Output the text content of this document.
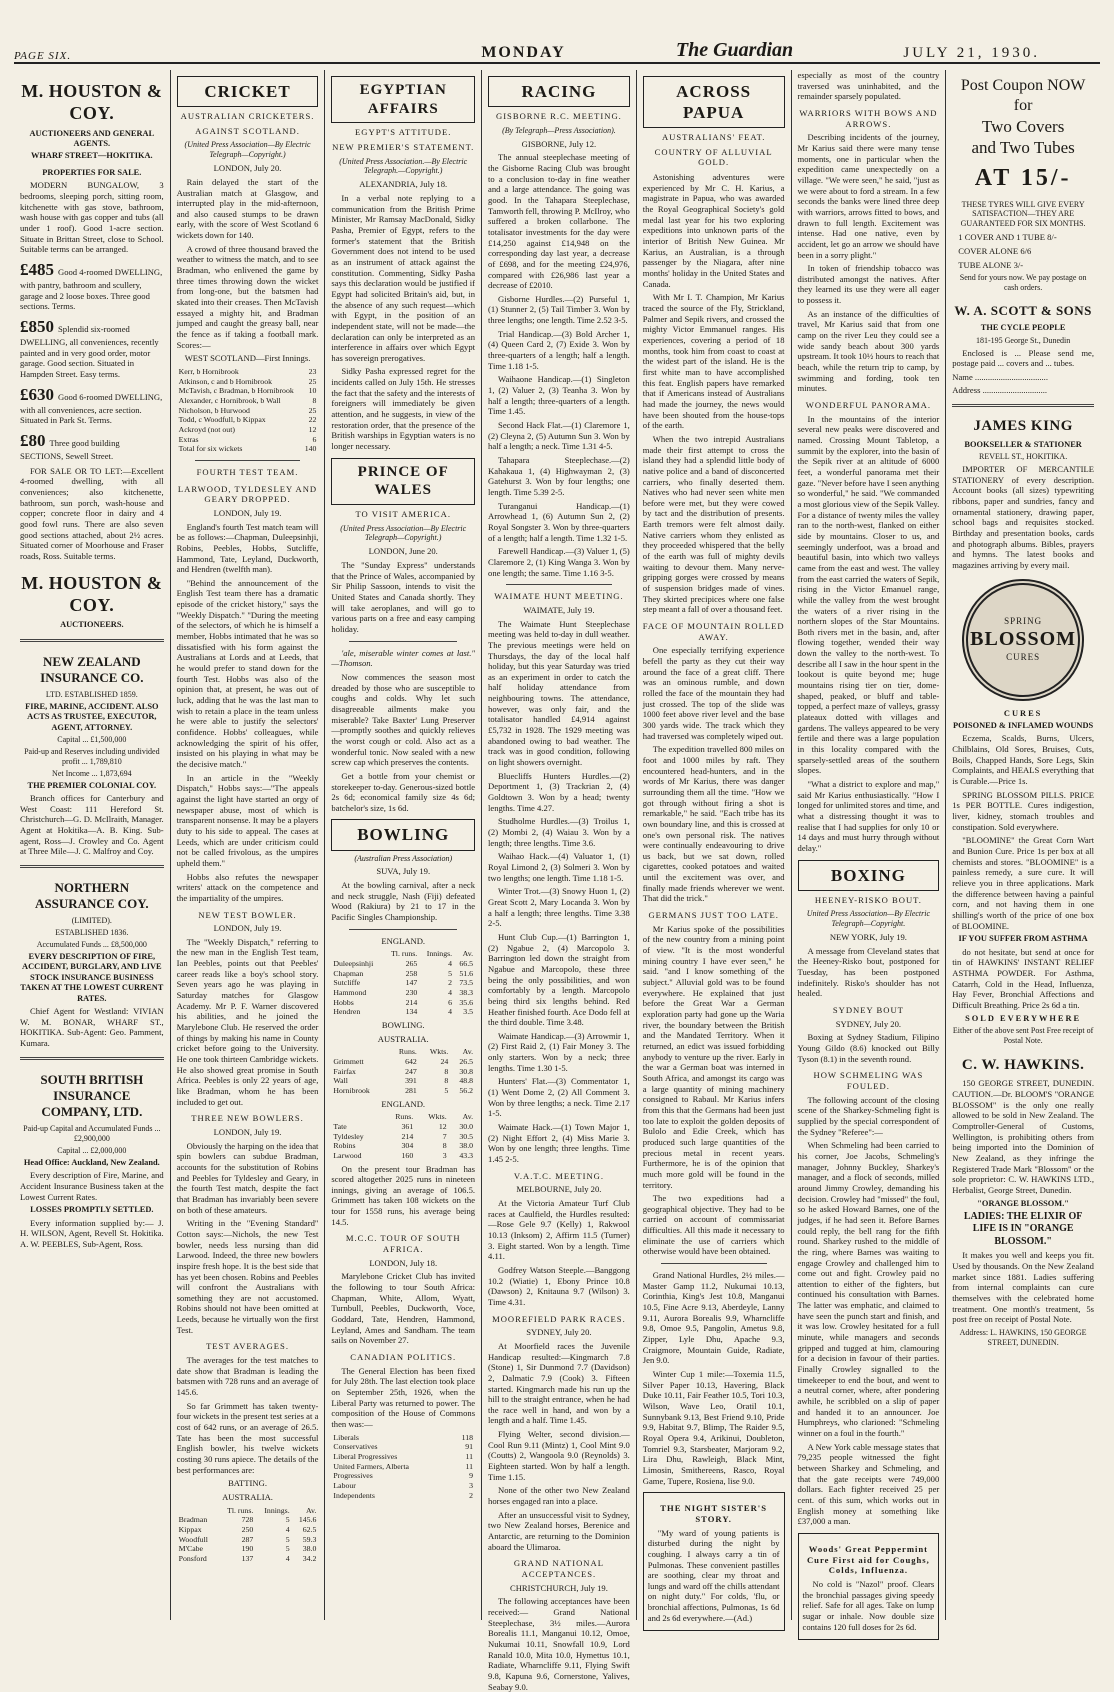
PAGE SIX.	MONDAY	The Guardian	JULY 21, 1930.
M. HOUSTON & COY.
AUCTIONEERS AND GENERAL AGENTS.
WHARF STREET—HOKITIKA.
PROPERTIES FOR SALE.

MODERN BUNGALOW, 3 bedrooms, sleeping porch, sitting room, kitchenette with gas stove, bathroom, wash house with gas copper and tubs (all under 1 roof). Good 1-acre section. Situate in Brittan Street, close to School. Suitable terms can be arranged.

£485 Good 4-roomed DWELLING, with pantry, bathroom and scullery, garage and 2 loose boxes. Three good sections. Terms.
£850 Splendid six-roomed DWELLING, all conveniences, recently painted and in very good order, motor garage. Good section. Situated in Hampden Street. Easy terms.
£630 Good 6-roomed DWELLING, with all conveniences, acre section. Situated in Park St. Terms.
£80 Three good building SECTIONS, Sewell Street.

FOR SALE OR TO LET:—Excellent 4-roomed dwelling, with all conveniences; also kitchenette, bathroom, sun porch, wash-house and copper; concrete floor in dairy and 4 good fowl runs. There are also seven good sections attached, about 2½ acres. Situated corner of Moorhouse and Fraser roads, Ross. Suitable terms.

M. HOUSTON & COY.
AUCTIONEERS.
NEW ZEALAND INSURANCE CO.
LTD. ESTABLISHED 1859.
FIRE, MARINE, ACCIDENT. ALSO ACTS AS TRUSTEE, EXECUTOR, AGENT, ATTORNEY.
Capital ... £1,500,000
Paid-up and Reserves including undivided profit ... 1,789,810
Net Income ... 1,873,694
THE PREMIER COLONIAL COY.

Branch offices for Canterbury and West Coast: 111 Hereford St. Christchurch—G. D. McIlraith, Manager. Agent at Hokitika—A. B. King. Sub-agent, Ross—J. Crowley and Co. Agent at Three Mile—J. C. Malfroy and Coy.

NORTHERN ASSURANCE COY.
(LIMITED).
ESTABLISHED 1836.
Accumulated Funds ... £8,500,000
EVERY DESCRIPTION OF FIRE, ACCIDENT, BURGLARY, AND LIVE STOCK INSURANCE BUSINESS TAKEN AT THE LOWEST CURRENT RATES.

Chief Agent for Westland: VIVIAN W. M. BONAR, WHARF ST., HOKITIKA. Sub-Agent: Geo. Pamment, Kumara.

SOUTH BRITISH INSURANCE COMPANY, LTD.
Paid-up Capital and Accumulated Funds ... £2,900,000
Capital ... £2,000,000
Head Office: Auckland, New Zealand.

Every description of Fire, Marine, and Accident Insurance Business taken at the Lowest Current Rates.

LOSSES PROMPTLY SETTLED.

Every information supplied by:— J. H. WILSON, Agent, Revell St. Hokitika. A. W. PEEBLES, Sub-Agent, Ross.

CRICKET
AUSTRALIAN CRICKETERS.
AGAINST SCOTLAND.
(United Press Association—By Electric Telegraph—Copyright.)
LONDON, July 20.

Rain delayed the start of the Australian match at Glasgow, and interrupted play in the mid-afternoon, and also caused stumps to be drawn early, with the score of West Scotland 6 wickets down for 140.

A crowd of three thousand braved the weather to witness the match, and to see Bradman, who enlivened the game by three times throwing down the wicket from long-one, but the batsmen had skated into their creases. Then McTavish essayed a mighty hit, and Bradman jumped and caught the greasy ball, near the fence as if taking a football mark. Scores:—

WEST SCOTLAND—First Innings.
Kerr, b Hornibrook	23
Atkinson, c and b Hornibrook	25
McTavish, c Bradman, b Hornibrook	10
Alexander, c Hornibrook, b Wall	8
Nicholson, b Hurwood	25
Todd, c Woodfull, b Kippax	22
Ackroyd (not out)	12
Extras	6
Total for six wickets	140
FOURTH TEST TEAM.
LARWOOD, TYLDESLEY AND GEARY DROPPED.
LONDON, July 19.

England's fourth Test match team will be as follows:—Chapman, Duleepsinhji, Robins, Peebles, Hobbs, Sutcliffe, Hammond, Tate, Leyland, Duckworth, and Hendren (twelfth man).

"Behind the announcement of the English Test team there has a dramatic episode of the cricket history," says the "Weekly Dispatch." "During the meeting of the selectors, of which he is himself a member, Hobbs intimated that he was so dissatisfied with his form against the Australians at Lords and at Leeds, that he would prefer to stand down for the fourth Test. Hobbs was also of the opinion that, at present, he was out of luck, adding that he was the last man to wish to retain a place in the team unless he were able to justify the selectors' confidence. Hobbs' colleagues, while acknowledging the spirit of his offer, insisted on his playing in what may be the decisive match."

In an article in the "Weekly Dispatch," Hobbs says:—"The appeals against the light have started an orgy of newspaper abuse, most of which is transparent nonsense. It may be a players duty to his side to appeal. The cases at Leeds, which are under criticism could not be called frivolous, as the umpires upheld them."

Hobbs also refutes the newspaper writers' attack on the competence and the impartiality of the umpires.

NEW TEST BOWLER.
LONDON, July 19.

The "Weekly Dispatch," referring to the new man in the English Test team, Ian Peebles, points out that Peebles' career reads like a boy's school story. Seven years ago he was playing in Saturday matches for Glasgow Academy. Mr P. F. Warner discovered his abilities, and he joined the Marylebone Club. He reserved the order of things by making his name in County cricket before going to the University. He one took thirteen Cambridge wickets. He also showed great promise in South Africa. Peebles is only 22 years of age, like Bradman, whom he has been included to get out.

THREE NEW BOWLERS.
LONDON, July 19.

Obviously the harping on the idea that spin bowlers can subdue Bradman, accounts for the substitution of Robins and Peebles for Tyldesley and Geary, in the fourth Test match, despite the fact that Bradman has invariably been severe on both of these amateurs.

Writing in the "Evening Standard" Cotton says:—Nichols, the new Test bowler, needs less nursing than did Larwood. Indeed, the three new bowlers inspire fresh hope. It is the best side that has yet been chosen. Robins and Peebles will confront the Australians with something they are not accustomed. Robins should not have been omitted at Leeds, because he virtually won the first Test.

TEST AVERAGES.

The averages for the test matches to date show that Bradman is leading the batsmen with 728 runs and an average of 145.6.

So far Grimmett has taken twenty-four wickets in the present test series at a cost of 642 runs, or an average of 26.5. Tate has been the most successful English bowler, his twelve wickets costing 30 runs apiece. The details of the best performances are:

BATTING.
AUSTRALIA.
	Tl. runs.	Innings.	Av.
Bradman	728	5	145.6
Kippax	250	4	62.5
Woodfull	287	5	59.3
M'Cabe	190	5	38.0
Ponsford	137	4	34.2
EGYPTIAN AFFAIRS
EGYPT'S ATTITUDE.
NEW PREMIER'S STATEMENT.
(United Press Association.—By Electric Telegraph.—Copyright.)
ALEXANDRIA, July 18.

In a verbal note replying to a communication from the British Prime Minister, Mr Ramsay MacDonald, Sidky Pasha, Premier of Egypt, refers to the former's statement that the British Government does not intend to be used as an instrument of attack against the constitution. Commenting, Sidky Pasha says this declaration would be justified if Egypt had solicited Britain's aid, but, in the absence of any such request—which with Egypt, in the position of an independent state, will not be made—the declaration can only be interpreted as an interference in affairs over which Egypt has sovereign prerogatives.

Sidky Pasha expressed regret for the incidents called on July 15th. He stresses the fact that the safety and the interests of foreigners will immediately be given attention, and he suggests, in view of the restoration order, that the presence of the British warships in Egyptian waters is no longer necessary.

PRINCE OF WALES
TO VISIT AMERICA.
(United Press Association—By Electric Telegraph—Copyright.)
LONDON, June 20.

The "Sunday Express" understands that the Prince of Wales, accompanied by Sir Philip Sassoon, intends to visit the United States and Canada shortly. They will take aeroplanes, and will go to various parts on a free and easy camping holiday.

'ale, miserable winter comes at last." —Thomson.

Now commences the season most dreaded by those who are susceptible to coughs and colds. Why let such disagreeable ailments make you miserable? Take Baxter' Lung Preserver—promptly soothes and quickly relieves the worst cough or cold. Also act as a wonderful tonic. Now sealed with a new screw cap which preserves the contents.

Get a bottle from your chemist or storekeeper to-day. Generous-sized bottle 2s 6d; economical family size 4s 6d; batchelor's size, 1s 6d.

BOWLING
(Australian Press Association)
SUVA, July 19.

At the bowling carnival, after a neck and neck struggle, Nash (Fiji) defeated Wood (Rakiura) by 21 to 17 in the Pacific Singles Championship.

ENGLAND.
	Tl. runs.	Innings.	Av.
Duleepsinhji	265	4	66.5
Chapman	258	5	51.6
Sutcliffe	147	2	73.5
Hammond	230	4	38.3
Hobbs	214	6	35.6
Hendren	134	4	3.5
BOWLING.
AUSTRALIA.
	Runs.	Wkts.	Av.
Grimmett	642	24	26.5
Fairfax	247	8	30.8
Wall	391	8	48.8
Hornibrook	281	5	56.2
ENGLAND.
	Runs.	Wkts.	Av.
Tate	361	12	30.0
Tyldesley	214	7	30.5
Robins	304	8	38.0
Larwood	160	3	43.3

On the present tour Bradman has scored altogether 2025 runs in nineteen innings, giving an average of 106.5. Grimmett has taken 108 wickets on the tour for 1558 runs, his average being 14.5.

M.C.C. TOUR OF SOUTH AFRICA.
LONDON, July 18.

Marylebone Cricket Club has invited the following to tour South Africa: Chapman, White, Allom, Wyatt, Turnbull, Peebles, Duckworth, Voce, Goddard, Tate, Hendren, Hammond, Leyland, Ames and Sandham. The team sails on November 27.

CANADIAN POLITICS.

The General Election has been fixed for July 28th. The last election took place on September 25th, 1926, when the Liberal Party was returned to power. The composition of the House of Commons then was:—

Liberals	118
Conservatives	91
Liberal Progressives	11
United Farmers, Alberta	11
Progressives	9
Labour	3
Independents	2
RACING
GISBORNE R.C. MEETING.
(By Telegraph—Press Association).
GISBORNE, July 12.

The annual steeplechase meeting of the Gisborne Racing Club was brought to a conclusion to-day in fine weather and a large attendance. The going was good. In the Tahapara Steeplechase, Tamworth fell, throwing P. McIlroy, who suffered a broken collarbone. The totalisator investments for the day were £14,250 against £14,948 on the corresponding day last year, a decrease of £698, and for the meeting £24,976, compared with £26,986 last year a decrease of £2010.

Gisborne Hurdles.—(2) Purseful 1, (1) Stunner 2, (5) Tail Timber 3. Won by three lengths; one length. Time 2.52 3-5.

Trial Handicap.—(3) Bold Archer 1, (4) Queen Card 2, (7) Exide 3. Won by three-quarters of a length; half a length. Time 1.18 1-5.

Waihaone Handicap.—(1) Singleton 1, (2) Valuer 2, (3) Teanha 3. Won by half a length; three-quarters of a length. Time 1.45.

Second Hack Flat.—(1) Claremore 1, (2) Cleyna 2, (5) Autumn Sun 3. Won by half a length; a neck. Time 1.31 4-5.

Tahapara Steeplechase.—(2) Kahakaua 1, (4) Highwayman 2, (3) Gatehurst 3. Won by four lengths; one length. Time 5.39 2-5.

Turanganui Handicap.—(1) Arrowhead 1, (6) Autumn Sun 2, (2) Royal Songster 3. Won by three-quarters of a length; half a length. Time 1.32 1-5.

Farewell Handicap.—(3) Valuer 1, (5) Claremore 2, (1) King Wanga 3. Won by one length; the same. Time 1.16 3-5.

WAIMATE HUNT MEETING.
WAIMATE, July 19.

The Waimate Hunt Steeplechase meeting was held to-day in dull weather. The previous meetings were held on Thursdays, the day of the local half holiday, but this year Saturday was tried as an experiment in order to catch the half holiday attendance from neighbouring towns. The attendance, however, was only fair, and the totalisator handled £4,914 against £5,732 in 1928. The 1929 meeting was abandoned owing to bad weather. The track was in good condition, following on light showers overnight.

Bluecliffs Hunters Hurdles.—(2) Deportment 1, (3) Trackrian 2, (4) Goldtown 3. Won by a head; twenty lengths. Time 4.27.

Studholme Hurdles.—(3) Troilus 1, (2) Mombi 2, (4) Waiau 3. Won by a length; three lengths. Time 3.6.

Waihao Hack.—(4) Valuator 1, (1) Royal Limond 2, (3) Solmeri 3. Won by two lengths; one length. Time 1.18 1-5.

Winter Trot.—(3) Snowy Huon 1, (2) Great Scott 2, Mary Locanda 3. Won by a half a length; three lengths. Time 3.38 2-5.

Hunt Club Cup.—(1) Barrington 1, (2) Ngabue 2, (4) Marcopolo 3. Barrington led down the straight from Ngabue and Marcopolo, these three being the only possibilities, and won comfortably by a length. Marcopolo being third six lengths behind. Red Heather finished fourth. Ace Dodo fell at the third double. Time 3.48.

Waimate Handicap.—(3) Arrowmir 1, (2) First Raid 2, (1) Fair Money 3. The only starters. Won by a neck; three lengths. Time 1.30 1-5.

Hunters' Flat.—(3) Commentator 1, (1) Went Dome 2, (2) All Comment 3. Won by three lengths; a neck. Time 2.17 1-5.

Waimate Hack.—(1) Town Major 1, (2) Night Effort 2, (4) Miss Marie 3. Won by one length; three lengths. Time 1.45 2-5.

V.A.T.C. MEETING.
MELBOURNE, July 20.

At the Victoria Amateur Turf Club races at Caulfield, the Hurdles resulted:—Rose Gele 9.7 (Kelly) 1, Rakwool 10.13 (Inksom) 2, Affirm 11.5 (Turner) 3. Eight started. Won by a length. Time 4.11.

Godfrey Watson Steeple.—Banggong 10.2 (Wiatie) 1, Ebony Prince 10.8 (Dawson) 2, Knitauna 9.7 (Wilson) 3. Time 4.31.

MOOREFIELD PARK RACES.
SYDNEY, July 20.

At Moorfield races the Juvenile Handicap resulted:—Kingmarch 7.8 (Stone) 1, Sir Dunmond 7.7 (Davidson) 2, Dalmatic 7.9 (Cook) 3. Fifteen started. Kingmarch made his run up the hill to the straight entrance, when he had the race well in hand, and won by a length and a half. Time 1.45.

Flying Welter, second division.—Cool Run 9.11 (Mintz) 1, Cool Mint 9.0 (Coutts) 2, Wangoola 9.0 (Reynolds) 3. Eighteen started. Won by half a length. Time 1.15.

None of the other two New Zealand horses engaged ran into a place.

After an unsuccessful visit to Sydney, two New Zealand horses, Berenice and Antarctic, are returning to the Dominion aboard the Ulimaroa.

GRAND NATIONAL ACCEPTANCES.
CHRISTCHURCH, July 19.

The following acceptances have been received:— Grand National Steeplechase, 3½ miles.—Aurora Borealis 11.1, Manganui 10.12, Omoe, Nukumai 10.11, Snowfall 10.9, Lord Ranald 10.0, Mita 10.0, Hymettus 10.1, Radiate, Wharncliffe 9.11, Flying Swift 9.8, Kapuna 9.6, Cornerstone, Yalives, Seabay 9.0.

ACROSS PAPUA
AUSTRALIANS' FEAT.
COUNTRY OF ALLUVIAL GOLD.

Astonishing adventures were experienced by Mr C. H. Karius, a magistrate in Papua, who was awarded the Royal Geographical Society's gold medal last year for his two exploring expeditions into unknown parts of the interior of British New Guinea. Mr Karius, an Australian, is a through passenger by the Niagara, after nine months' holiday in the United States and Canada.

With Mr I. T. Champion, Mr Karius traced the source of the Fly, Strickland, Palmer and Sepik rivers, and crossed the mighty Victor Emmanuel ranges. His experiences, covering a period of 18 months, took him from coast to coast at the widest part of the island. He is the first white man to have accomplished this feat. English papers have remarked that if Americans instead of Australians had made the journey, the news would have been shouted from the house-tops of the earth.

When the two intrepid Australians made their first attempt to cross the island they had a splendid little body of native police and a band of disconcerted carriers, who finally deserted them. Natives who had never seen white men before were met, but they were cowed by tact and the distribution of presents. Earth tremors were felt almost daily. Native carriers whom they enlisted as they proceeded whispered that the belly of the earth was full of mighty devils waiting to devour them. Many nerve-gripping gorges were crossed by means of suspension bridges made of vines. They skirted precipices where one false step meant a fall of over a thousand feet.

FACE OF MOUNTAIN ROLLED AWAY.

One especially terrifying experience befell the party as they cut their way around the face of a great cliff. There was an ominous rumble, and down rolled the face of the mountain they had just crossed. The top of the slide was 1000 feet above river level and the base 300 yards wide. The track which they had traversed was completely wiped out.

The expedition travelled 800 miles on foot and 1000 miles by raft. They encountered head-hunters, and in the words of Mr Karius, there was danger surrounding them all the time. "How we got through without firing a shot is remarkable," he said. "Each tribe has its own boundary line, and this is crossed at one's own personal risk. The natives were continually endeavouring to drive us back, but we sat down, rolled cigarettes, cooked potatoes and waited until the excitement was over, and finally made friends wherever we went. That did the trick."

GERMANS JUST TOO LATE.

Mr Karius spoke of the possibilities of the new country from a mining point of view. "It is the most wonderful mining country I have ever seen," he said. "and I know something of the subject." Alluvial gold was to be found everywhere. He explained that just before the Great War a German exploration party had gone up the Waria river, the boundary between the British and the Mandated Territory. When it returned, an edict was issued forbidding anybody to venture up the river. Early in the war a German boat was interned in South Africa, and amongst its cargo was a large quantity of mining machinery consigned to Rabaul. Mr Karius infers from this that the Germans had been just too late to exploit the golden deposits of Bulolo and Edie Creek, which has produced such large quantities of the precious metal in recent years. Furthermore, he is of the opinion that much more gold will be found in the territory.

The two expeditions had a geographical objective. They had to be carried on account of commissariat difficulties. All this made it necessary to eliminate the use of carriers which otherwise would have been obtained.

Grand National Hurdles, 2½ miles.— Master Gamp 11.2, Nukumai 10.13, Corinthia, King's Jest 10.8, Manganui 10.5, Fine Acre 9.13, Aberdeyle, Lanny 9.11, Aurora Borealis 9.9, Wharncliffe 9.8, Omoe 9.5, Pangolin, Ametus 9.8, Zipper, Lyle Dhu, Apache 9.3, Craigmore, Mountain Guide, Radiate, Jen 9.0.

Winter Cup 1 mile:—Toxemia 11.5, Silver Paper 10.13, Havering, Black Duke 10.11, Fair Feather 10.5, Tori 10.3, Wilson, Wave Leo, Oratil 10.1, Sunnybank 9.13, Best Friend 9.10, Pride 9.9, Habitat 9.7, Blimp, The Raider 9.5, Royal Opera 9.4, Arikinui, Doubleton, Tomriel 9.3, Starsbeater, Marjoram 9.2, Lira Dhu, Rawleigh, Black Mint, Limosin, Smithereens, Rasco, Royal Game, Tupere, Rosiena, lise 9.0.

THE NIGHT SISTER'S STORY.

"My ward of young patients is disturbed during the night by coughing. I always carry a tin of Pulmonas. These convenient pastilles are soothing, clear my throat and lungs and ward off the chills attendant on night duty." For colds, 'flu, or bronchial affections, Pulmonas, 1s 6d and 2s 6d everywhere.—(Ad.)

especially as most of the country traversed was uninhabited, and the remainder sparsely populated.

WARRIORS WITH BOWS AND ARROWS.

Describing incidents of the journey, Mr Karius said there were many tense moments, one in particular when the expedition came unexpectedly on a village. "We were seen," he said, "just as we were about to ford a stream. In a few seconds the banks were lined three deep with warriors, arrows fitted to bows, and drawn to full length. Excitement was intense. Had one native, even by accident, let go an arrow we should have been in a sorry plight."

In token of friendship tobacco was distributed amongst the natives. After they learned its use they were all eager to possess it.

As an instance of the difficulties of travel, Mr Karius said that from one camp on the river Leu they could see a wide sandy beach about 300 yards upstream. It took 10½ hours to reach that beach, while the return trip to camp, by swimming and fording, took ten minutes.

WONDERFUL PANORAMA.

In the mountains of the interior several new peaks were discovered and named. Crossing Mount Tabletop, a summit by the explorer, into the basin of the Sepik river at an altitude of 6000 feet, a wonderful panorama met their gaze. "Never before have I seen anything so wonderful," he said. "We commanded a most glorious view of the Sepik Valley. For a distance of twenty miles the valley ran to the north-west, flanked on either side by mountains. Closer to us, and seemingly underfoot, was a broad and beautiful basin, into which two valleys came from the east and west. The valley from the east carried the waters of Sepik, rising in the Victor Emanuel range, while the valley from the west brought the waters of a river rising in the northern slopes of the Star Mountains. Both rivers met in the basin, and, after flowing together, wended their way down the valley to the north-west. To describe all I saw in the hour spent in the lookout is quite beyond me; huge mountains rising tier on tier, dome-shaped, peaked, or bluff and table-topped, a perfect maze of valleys, grassy plateaux dotted with villages and gardens. The valleys appeared to be very fertile and there was a large population in this locality compared with the sparsely-settled areas of the southern slopes.

"What a district to explore and map," said Mr Karius enthusiastically. "How I longed for unlimited stores and time, and what a distressing thought it was to realise that I had supplies for only 10 or 14 days and must hurry through without delay."

BOXING
HEENEY-RISKO BOUT.
United Press Association—By Electric Telegraph—Copyright.
NEW YORK, July 19.

A message from Cleveland states that the Heeney-Risko bout, postponed for Tuesday, has been postponed indefinitely. Risko's shoulder has not healed.

SYDNEY BOUT
SYDNEY, July 20.

Boxing at Sydney Stadium, Filipino Young Gildo (8.6) knocked out Billy Tyson (8.1) in the seventh round.

HOW SCHMELING WAS FOULED.

The following account of the closing scene of the Sharkey-Schmeling fight is supplied by the special correspondent of the Sydney "Referee":—

When Schmeling had been carried to his corner, Joe Jacobs, Schmeling's manager, Johnny Buckley, Sharkey's manager, and a flock of seconds, milled around Jimmy Crowley, demanding his decision. Crowley had "missed" the foul, so he asked Howard Barnes, one of the judges, if he had seen it. Before Barnes could reply, the bell rang for the fifth round. Sharkey rushed to the middle of the ring, where Barnes was waiting to engage Crowley and challenged him to come out and fight. Crowley paid no attention to either of the fighters, but continued his consultation with Barnes. The latter was emphatic, and claimed to have seen the punch start and finish, and it was low. Crowley hesitated for a full minute, while managers and seconds gripped and tugged at him, clamouring for a decision in favour of their parties. Finally Crowley signalled to the timekeeper to end the bout, and went to a neutral corner, where, after pondering awhile, he scribbled on a slip of paper and handed it to an announcer. Joe Humphreys, who clarioned: "Schmeling winner on a foul in the fourth."

A New York cable message states that 79,235 people witnessed the fight between Sharkey and Schmeling, and that the gate receipts were 749,000 dollars. Each fighter received 25 per cent. of this sum, which works out in English money at something like £37,000 a man.

Woods' Great Peppermint Cure First aid for Coughs, Colds, Influenza.

No cold is "Nazol" proof. Clears the bronchial passages giving speedy relief. Safe for all ages. Take on lump sugar or inhale. Now double size contains 120 full doses for 2s 6d.

Post Coupon NOW for
Two Covers
and Two Tubes
AT 15/-
THESE TYRES WILL GIVE EVERY SATISFACTION—THEY ARE GUARANTEED FOR SIX MONTHS.
1 COVER AND 1 TUBE 8/-
COVER ALONE 6/6
TUBE ALONE 3/-
Send for yours now. We pay postage on cash orders.
W. A. SCOTT & SONS
THE CYCLE PEOPLE
181-195 George St., Dunedin

Enclosed is ... Please send me, postage paid ... covers and ... tubes.

Name ..................................

Address ..............................

JAMES KING
BOOKSELLER & STATIONER
REVELL ST., HOKITIKA.

IMPORTER OF MERCANTILE STATIONERY of every description. Account books (all sizes) typewriting ribbons, paper and sundries, fancy and ornamental stationery, drawing paper, school bags and requisites stocked. Birthday and presentation books, cards and photograph albums. Bibles, prayers and hymns. The latest books and magazines arriving by every mail.

SPRING
BLOSSOM
CURES
CURES
POISONED & INFLAMED WOUNDS

Eczema, Scalds, Burns, Ulcers, Chilblains, Old Sores, Bruises, Cuts, Boils, Chapped Hands, Sore Legs, Skin Complaints, and HEALS everything that is Curable.—Price 1s.

SPRING BLOSSOM PILLS. PRICE 1s PER BOTTLE. Cures indigestion, liver, kidney, stomach troubles and constipation. Sold everywhere.

"BLOOMINE" the Great Corn Wart and Bunion Cure. Price 1s per box at all chemists and stores. "BLOOMINE" is a painless remedy, a sure cure. It will relieve you in three applications. Mark the difference between having a painful corn, and not having them in one shilling's worth of the price of one box of BLOOMINE.

IF YOU SUFFER FROM ASTHMA

do not hesitate, but send at once for tin of HAWKINS' INSTANT RELIEF ASTHMA POWDER. For Asthma, Catarrh, Cold in the Head, Influenza, Hay Fever, Bronchial Affections and Difficult Breathing. Price 2s 6d a tin.

SOLD EVERYWHERE
Either of the above sent Post Free receipt of Postal Note.
C. W. HAWKINS.

150 GEORGE STREET, DUNEDIN. CAUTION.—Dr. BLOOM'S "ORANGE BLOSSOM" is the only one really allowed to be sold in New Zealand. The Comptroller-General of Customs, Wellington, is prohibiting others from being imported into the Dominion of New Zealand, as they infringe the Registered Trade Mark "Blossom" or the sole proprietor: C. W. HAWKINS LTD., Herbalist, George Street, Dunedin.

"ORANGE BLOSSOM."
LADIES: THE ELIXIR OF LIFE IS IN "ORANGE BLOSSOM."

It makes you well and keeps you fit. Used by thousands. On the New Zealand market since 1881. Ladies suffering from internal complaints can cure themselves with the celebrated home treatment. One month's treatment, 5s post free on receipt of Postal Note.

Address: L. HAWKINS, 150 GEORGE STREET, DUNEDIN.
